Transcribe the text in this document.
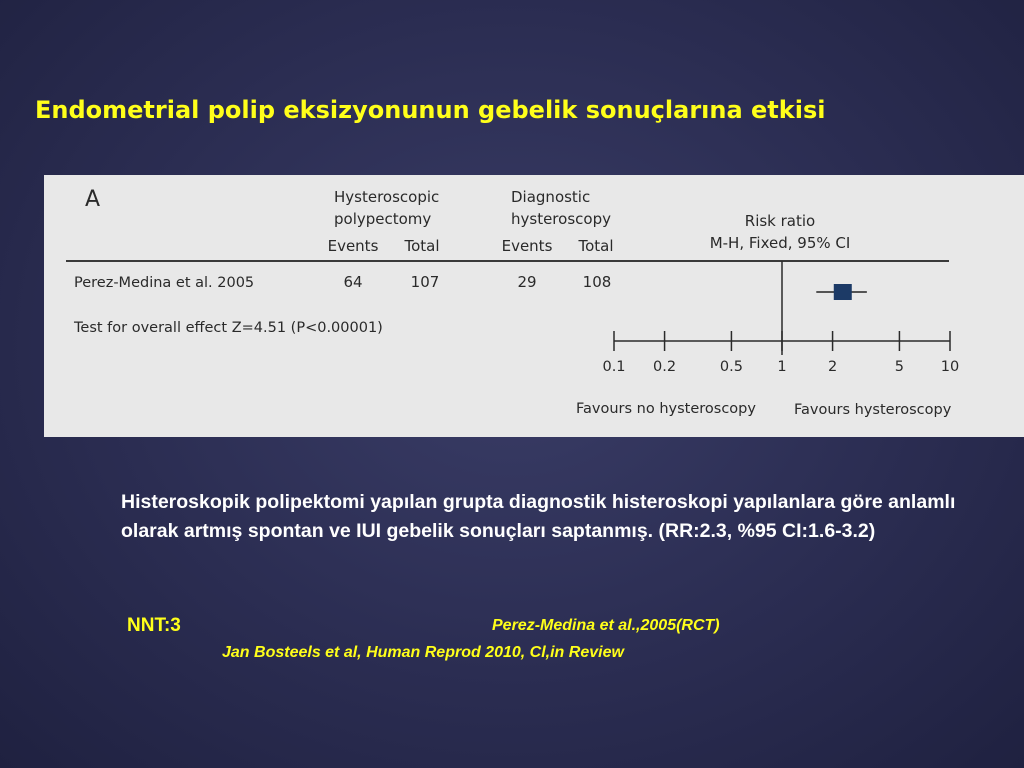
Endometrial polip eksizyonunun gebelik sonuçlarına etkisi
A	Hysteroscopic
polypectomy
Diagnostic
hysteroscopy
Events Total	Events Total
Risk ratio
M-H, Fixed, 95% CI
Perez-Medina et al. 2005	64	107	29	108
Test for overall effect Z=4.51 (P<0.00001)
0.1 0.2	0.5 1	2	5	10
Favours no hysteroscopy	Favours hysteroscopy
Histeroskopik polipektomi yapılan grupta diagnostik histeroskopi yapılanlara göre anlamlı olarak artmış spontan ve IUI gebelik sonuçları saptanmış. (RR:2.3, %95 CI:1.6-3.2)
NNT:3	Perez-Medina et al.,2005(RCT)
Jan Bosteels et al, Human Reprod 2010, Cl,in Review
